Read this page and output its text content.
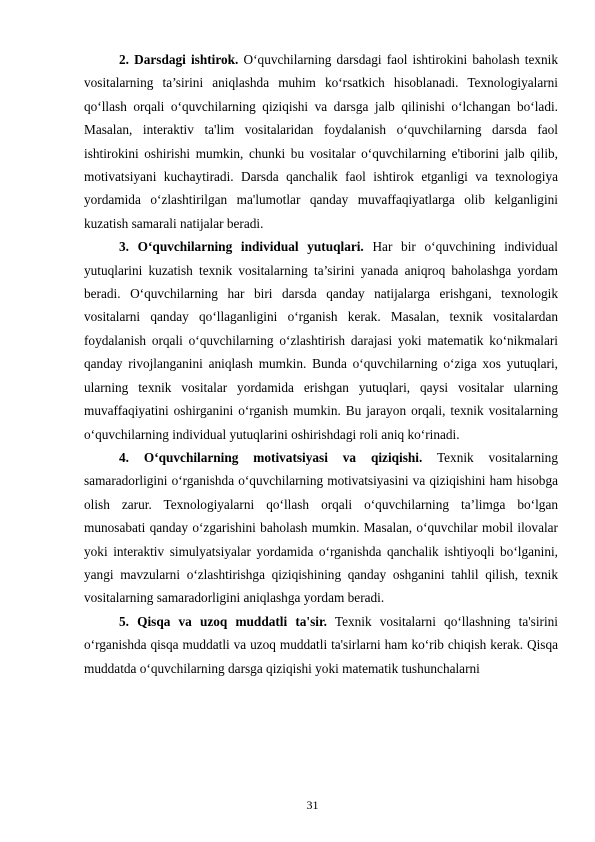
2. Darsdagi ishtirok. O‘quvchilarning darsdagi faol ishtirokini baholash texnik vositalarning ta’sirini aniqlashda muhim ko‘rsatkich hisoblanadi. Texnologiyalarni qo‘llash orqali o‘quvchilarning qiziqishi va darsga jalb qilinishi o‘lchangan bo‘ladi. Masalan, interaktiv ta'lim vositalaridan foydalanish o‘quvchilarning darsda faol ishtirokini oshirishi mumkin, chunki bu vositalar o‘quvchilarning e'tiborini jalb qilib, motivatsiyani kuchaytiradi. Darsda qanchalik faol ishtirok etganligi va texnologiya yordamida o‘zlashtirilgan ma'lumotlar qanday muvaffaqiyatlarga olib kelganligini kuzatish samarali natijalar beradi.

3. O‘quvchilarning individual yutuqlari. Har bir o‘quvchining individual yutuqlarini kuzatish texnik vositalarning ta’sirini yanada aniqroq baholashga yordam beradi. O‘quvchilarning har biri darsda qanday natijalarga erishgani, texnologik vositalarni qanday qo‘llaganligini o‘rganish kerak. Masalan, texnik vositalardan foydalanish orqali o‘quvchilarning o‘zlashtirish darajasi yoki matematik ko‘nikmalari qanday rivojlanganini aniqlash mumkin. Bunda o‘quvchilarning o‘ziga xos yutuqlari, ularning texnik vositalar yordamida erishgan yutuqlari, qaysi vositalar ularning muvaffaqiyatini oshirganini o‘rganish mumkin. Bu jarayon orqali, texnik vositalarning o‘quvchilarning individual yutuqlarini oshirishdagi roli aniq ko‘rinadi.

4. O‘quvchilarning motivatsiyasi va qiziqishi. Texnik vositalarning samaradorligini o‘rganishda o‘quvchilarning motivatsiyasini va qiziqishini ham hisobga olish zarur. Texnologiyalarni qo‘llash orqali o‘quvchilarning ta’limga bo‘lgan munosabati qanday o‘zgarishini baholash mumkin. Masalan, o‘quvchilar mobil ilovalar yoki interaktiv simulyatsiyalar yordamida o‘rganishda qanchalik ishtiyoqli bo‘lganini, yangi mavzularni o‘zlashtirishga qiziqishining qanday oshganini tahlil qilish, texnik vositalarning samaradorligini aniqlashga yordam beradi.

5. Qisqa va uzoq muddatli ta'sir. Texnik vositalarni qo‘llashning ta'sirini o‘rganishda qisqa muddatli va uzoq muddatli ta'sirlarni ham ko‘rib chiqish kerak. Qisqa muddatda o‘quvchilarning darsga qiziqishi yoki matematik tushunchalarni

31
